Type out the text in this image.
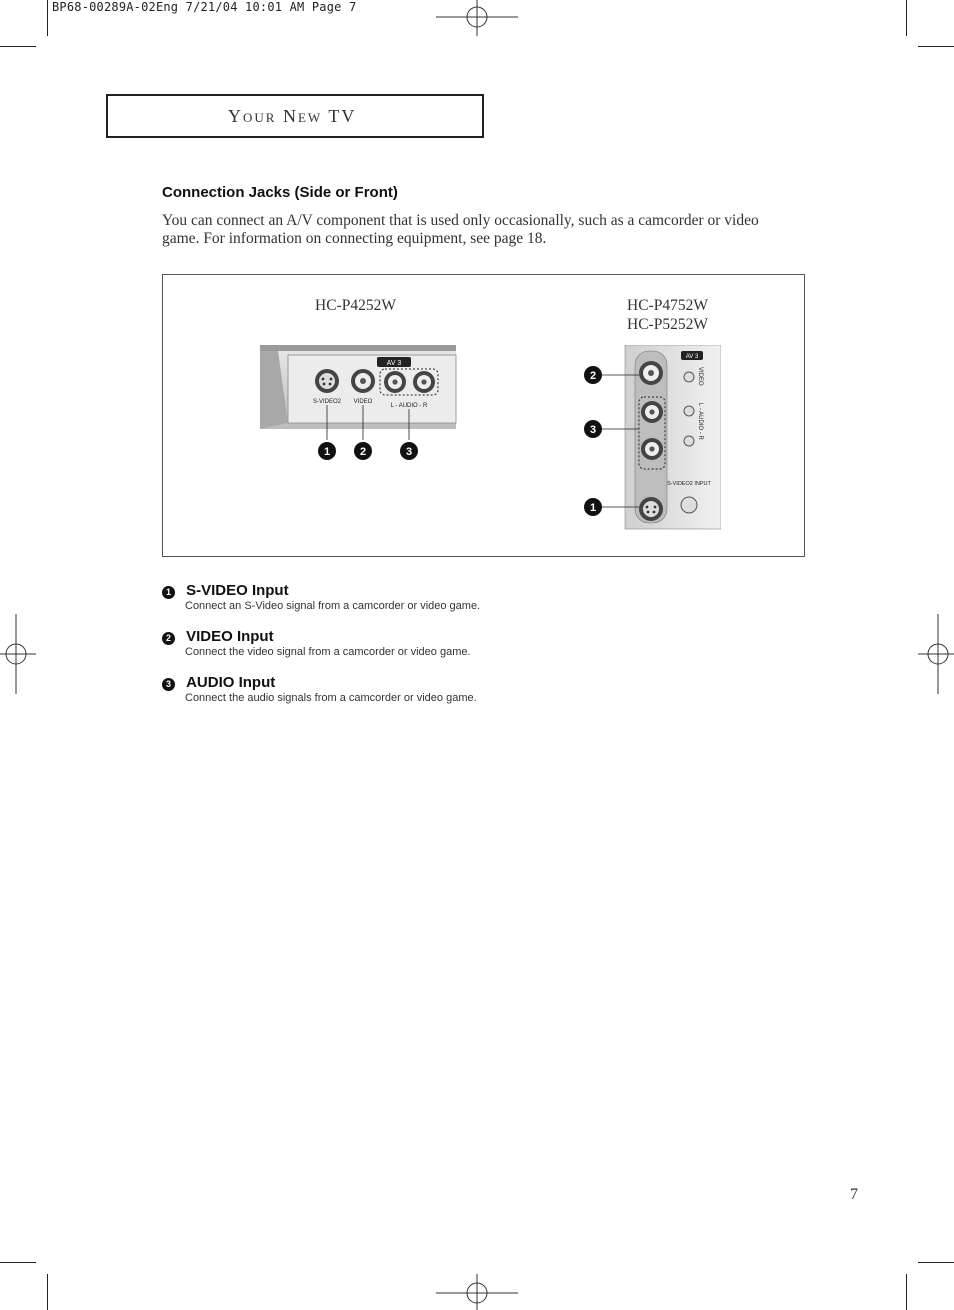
BP68-00289A-02Eng 7/21/04 10:01 AM Page 7
Your New TV
Connection Jacks (Side or Front)
You can connect an A/V component that is used only occasionally, such as a camcorder or video game. For information on connecting equipment, see page 18.
HC-P4252W	HC-P4752W
HC-P5252W
AV 3
S-VIDEO2 VIDEO
L - AUDIO - R
1	2	3
AV 3
VIDEO
L - AUDIO - R
S-VIDEO2 INPUT
2
3
1
1 S-VIDEO Input
Connect an S-Video signal from a camcorder or video game.
2 VIDEO Input
Connect the video signal from a camcorder or video game.
3 AUDIO Input
Connect the audio signals from a camcorder or video game.
7
